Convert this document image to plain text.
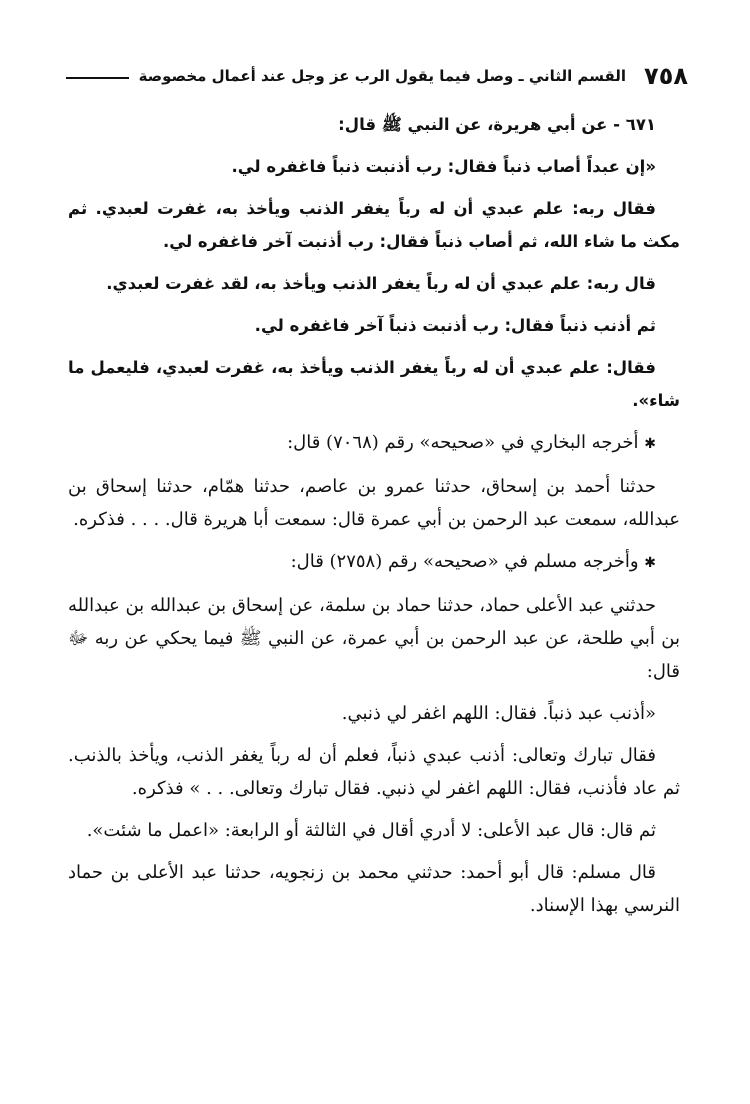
٧٥٨
القسم الثاني ـ وصل فيما يقول الرب عز وجل عند أعمال مخصوصة

٦٧١ - عن أبي هريرة، عن النبي ﷺ قال:

«إن عبداً أصاب ذنباً فقال: رب أذنبت ذنباً فاغفره لي.

فقال ربه: علم عبدي أن له رباً يغفر الذنب ويأخذ به، غفرت لعبدي. ثم مكث ما شاء الله، ثم أصاب ذنباً فقال: رب أذنبت آخر فاغفره لي.

قال ربه: علم عبدي أن له رباً يغفر الذنب ويأخذ به، لقد غفرت لعبدي.

ثم أذنب ذنباً فقال: رب أذنبت ذنباً آخر فاغفره لي.

فقال: علم عبدي أن له رباً يغفر الذنب ويأخذ به، غفرت لعبدي، فليعمل ما شاء».

✱ أخرجه البخاري في «صحيحه» رقم (٧٠٦٨) قال:

حدثنا أحمد بن إسحاق، حدثنا عمرو بن عاصم، حدثنا همّام، حدثنا إسحاق بن عبدالله، سمعت عبد الرحمن بن أبي عمرة قال: سمعت أبا هريرة قال. . . . فذكره.

✱ وأخرجه مسلم في «صحيحه» رقم (٢٧٥٨) قال:

حدثني عبد الأعلى حماد، حدثنا حماد بن سلمة، عن إسحاق بن عبدالله بن عبدالله بن أبي طلحة، عن عبد الرحمن بن أبي عمرة، عن النبي ﷺ فيما يحكي عن ربه ﷻ قال:

«أذنب عبد ذنباً. فقال: اللهم اغفر لي ذنبي.

فقال تبارك وتعالى: أذنب عبدي ذنباً، فعلم أن له رباً يغفر الذنب، ويأخذ بالذنب. ثم عاد فأذنب، فقال: اللهم اغفر لي ذنبي. فقال تبارك وتعالى. . . » فذكره.

ثم قال: قال عبد الأعلى: لا أدري أقال في الثالثة أو الرابعة: «اعمل ما شئت».

قال مسلم: قال أبو أحمد: حدثني محمد بن زنجويه، حدثنا عبد الأعلى بن حماد النرسي بهذا الإسناد.
